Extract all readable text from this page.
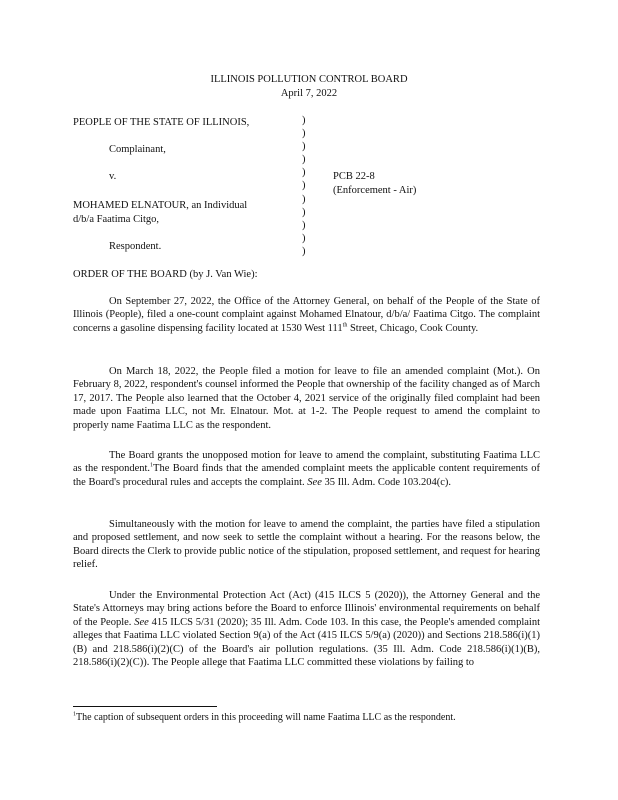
ILLINOIS POLLUTION CONTROL BOARD
April 7, 2022
PEOPLE OF THE STATE OF ILLINOIS,
Complainant,
v.
MOHAMED ELNATOUR, an Individual
d/b/a Faatima Citgo,
Respondent.
)
)
)
)
)
)
)
)
)
)
)
PCB 22-8
(Enforcement - Air)
ORDER OF THE BOARD (by J. Van Wie):
On September 27, 2022, the Office of the Attorney General, on behalf of the People of the State of Illinois (People), filed a one-count complaint against Mohamed Elnatour, d/b/a/ Faatima Citgo. The complaint concerns a gasoline dispensing facility located at 1530 West 111th Street, Chicago, Cook County.
On March 18, 2022, the People filed a motion for leave to file an amended complaint (Mot.). On February 8, 2022, respondent's counsel informed the People that ownership of the facility changed as of March 17, 2017. The People also learned that the October 4, 2021 service of the originally filed complaint had been made upon Faatima LLC, not Mr. Elnatour. Mot. at 1-2. The People request to amend the complaint to properly name Faatima LLC as the respondent.
The Board grants the unopposed motion for leave to amend the complaint, substituting Faatima LLC as the respondent.$^1$The Board finds that the amended complaint meets the applicable content requirements of the Board's procedural rules and accepts the complaint. See 35 Ill. Adm. Code 103.204(c).
Simultaneously with the motion for leave to amend the complaint, the parties have filed a stipulation and proposed settlement, and now seek to settle the complaint without a hearing. For the reasons below, the Board directs the Clerk to provide public notice of the stipulation, proposed settlement, and request for hearing relief.
Under the Environmental Protection Act (Act) (415 ILCS 5 (2020)), the Attorney General and the State's Attorneys may bring actions before the Board to enforce Illinois' environmental requirements on behalf of the People. See 415 ILCS 5/31 (2020); 35 Ill. Adm. Code 103. In this case, the People's amended complaint alleges that Faatima LLC violated Section 9(a) of the Act (415 ILCS 5/9(a) (2020)) and Sections 218.586(i)(1)(B) and 218.586(i)(2)(C) of the Board's air pollution regulations. (35 Ill. Adm. Code 218.586(i)(1)(B), 218.586(i)(2)(C)). The People allege that Faatima LLC committed these violations by failing to
$^1$The caption of subsequent orders in this proceeding will name Faatima LLC as the respondent.
